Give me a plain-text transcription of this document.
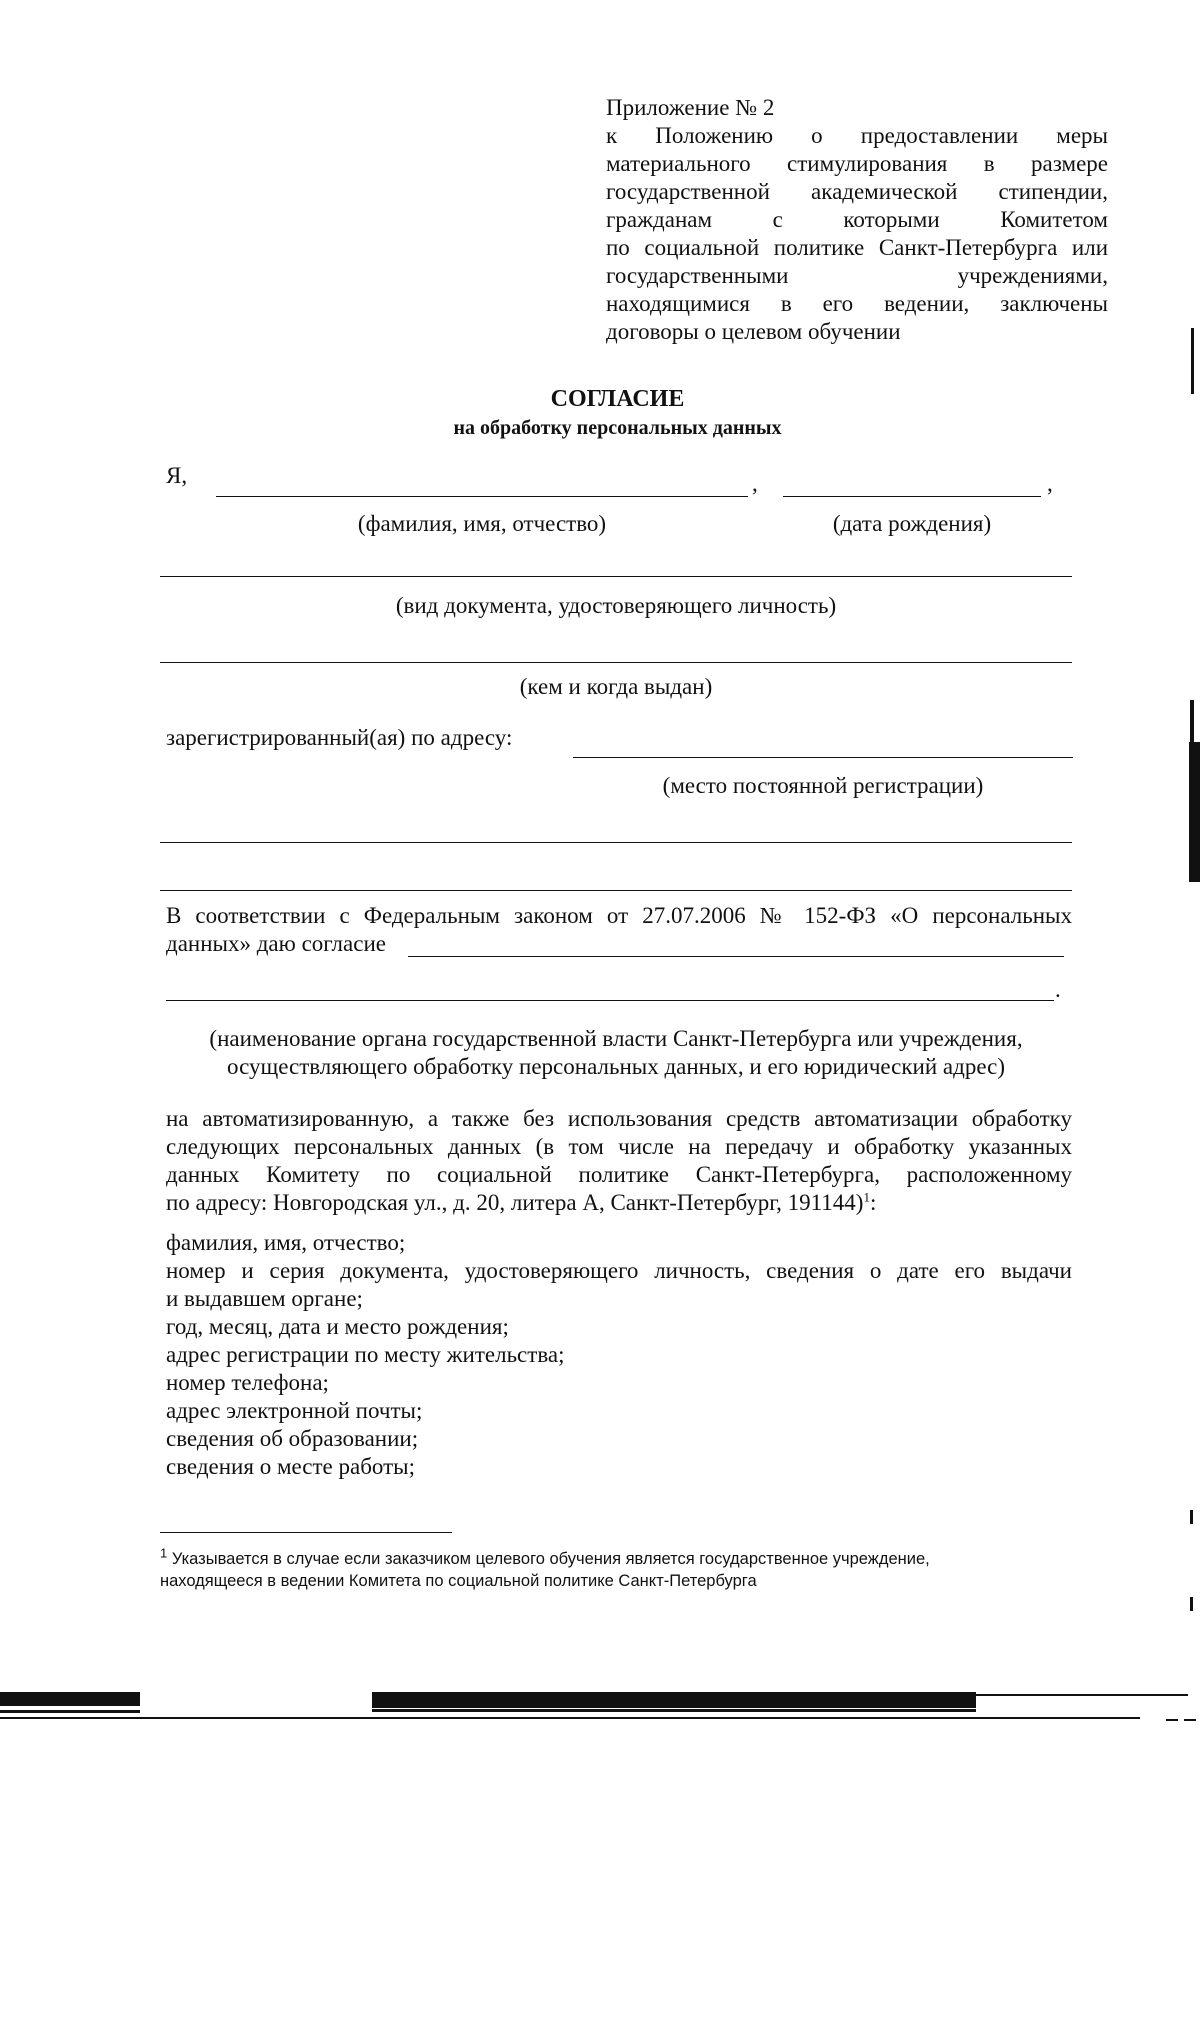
Приложение № 2
к Положению о предоставлении меры
материального стимулирования в размере
государственной академической стипендии,
гражданам с которыми Комитетом
по социальной политике Санкт-Петербурга или
государственными учреждениями,
находящимися в его ведении, заключены
договоры о целевом обучении
СОГЛАСИЕ
на обработку персональных данных
Я,	,	,
(фамилия, имя, отчество)	(дата рождения)
(вид документа, удостоверяющего личность)
(кем и когда выдан)
зарегистрированный(ая) по адресу:
(место постоянной регистрации)
В соответствии с Федеральным законом от 27.07.2006 № 152-ФЗ «О персональных
данных» даю согласие
.
(наименование органа государственной власти Санкт-Петербурга или учреждения,
осуществляющего обработку персональных данных, и его юридический адрес)
на автоматизированную, а также без использования средств автоматизации обработку
следующих персональных данных (в том числе на передачу и обработку указанных
данных Комитету по социальной политике Санкт-Петербурга, расположенному
по адресу: Новгородская ул., д. 20, литера А, Санкт-Петербург, 191144)$^1$:
фамилия, имя, отчество;
номер и серия документа, удостоверяющего личность, сведения о дате его выдачи
и выдавшем органе;
год, месяц, дата и место рождения;
адрес регистрации по месту жительства;
номер телефона;
адрес электронной почты;
сведения об образовании;
сведения о месте работы;
$^1$ Указывается в случае если заказчиком целевого обучения является государственное учреждение,
находящееся в ведении Комитета по социальной политике Санкт-Петербурга
